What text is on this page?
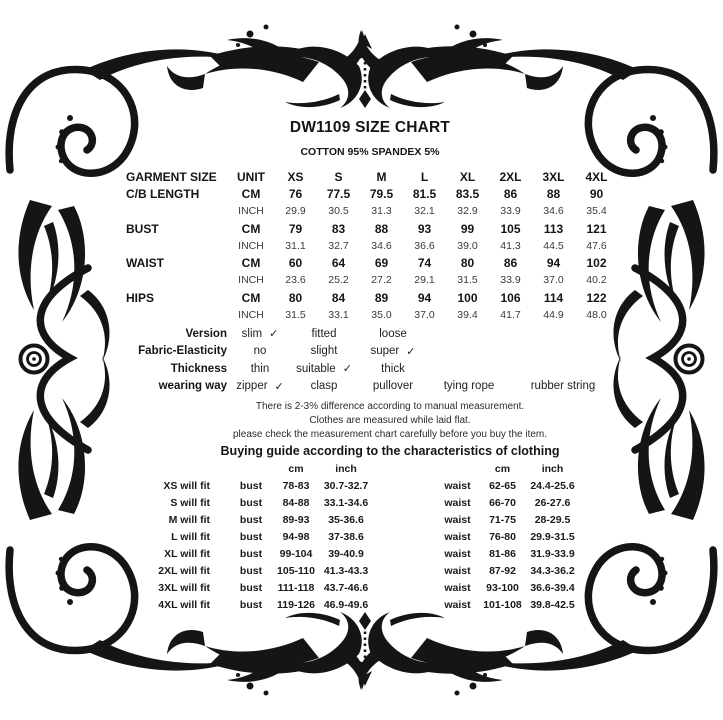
DW1109 SIZE CHART
COTTON 95% SPANDEX 5%
GARMENT SIZE	UNIT	XS	S	M	L	XL	2XL	3XL	4XL
C/B LENGTH	CM	76	77.5	79.5	81.5	83.5	86	88	90
INCH	29.9	30.5	31.3	32.1	32.9	33.9	34.6	35.4
BUST	CM	79	83	88	93	99	105	113	121
INCH	31.1	32.7	34.6	36.6	39.0	41.3	44.5	47.6
WAIST	CM	60	64	69	74	80	86	94	102
INCH	23.6	25.2	27.2	29.1	31.5	33.9	37.0	40.2
HIPS	CM	80	84	89	94	100	106	114	122
INCH	31.5	33.1	35.0	37.0	39.4	41.7	44.9	48.0
Version slim ✓	fitted	loose
Fabric-Elasticity no	slight	super ✓
Thickness thin suitable ✓	thick
wearing way zipper ✓ clasp	pullover	tying rope	rubber string
There is 2-3% difference according to manual measurement.
Clothes are measured while laid flat.
please check the measurement chart carefully before you buy the item.
Buying guide according to the characteristics of clothing
cm	inch	cm	inch
XS will fit	bust	78-83	30.7-32.7	waist	62-65	24.4-25.6
S will fit	bust	84-88	33.1-34.6	waist	66-70	26-27.6
M will fit	bust	89-93	35-36.6	waist	71-75	28-29.5
L will fit	bust	94-98	37-38.6	waist	76-80	29.9-31.5
XL will fit	bust	99-104	39-40.9	waist	81-86	31.9-33.9
2XL will fit	bust	105-110 41.3-43.3	waist	87-92	34.3-36.2
3XL will fit	bust	111-118 43.7-46.6	waist	93-100	36.6-39.4
4XL will fit	bust	119-126 46.9-49.6	waist	101-108 39.8-42.5
